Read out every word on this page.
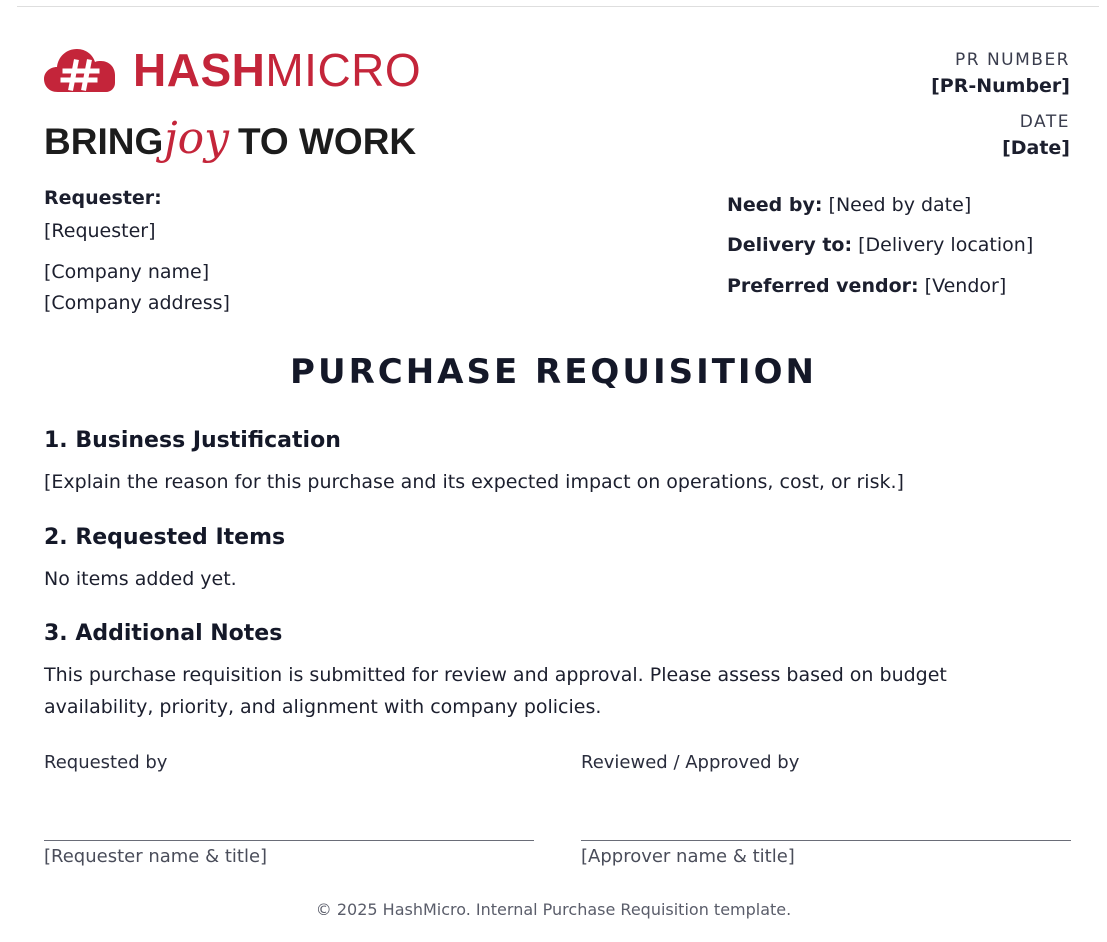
HASHMICRO
BRING joy TO WORK
PR NUMBER
[PR-Number]
DATE
[Date]
Requester:
[Requester]
[Company name]
[Company address]
Need by: [Need by date]
Delivery to: [Delivery location]
Preferred vendor: [Vendor]
PURCHASE REQUISITION
1. Business Justification
[Explain the reason for this purchase and its expected impact on operations, cost, or risk.]
2. Requested Items
No items added yet.
3. Additional Notes
This purchase requisition is submitted for review and approval. Please assess based on budget availability, priority, and alignment with company policies.
Requested by
[Requester name & title]
Reviewed / Approved by
[Approver name & title]
© 2025 HashMicro. Internal Purchase Requisition template.
